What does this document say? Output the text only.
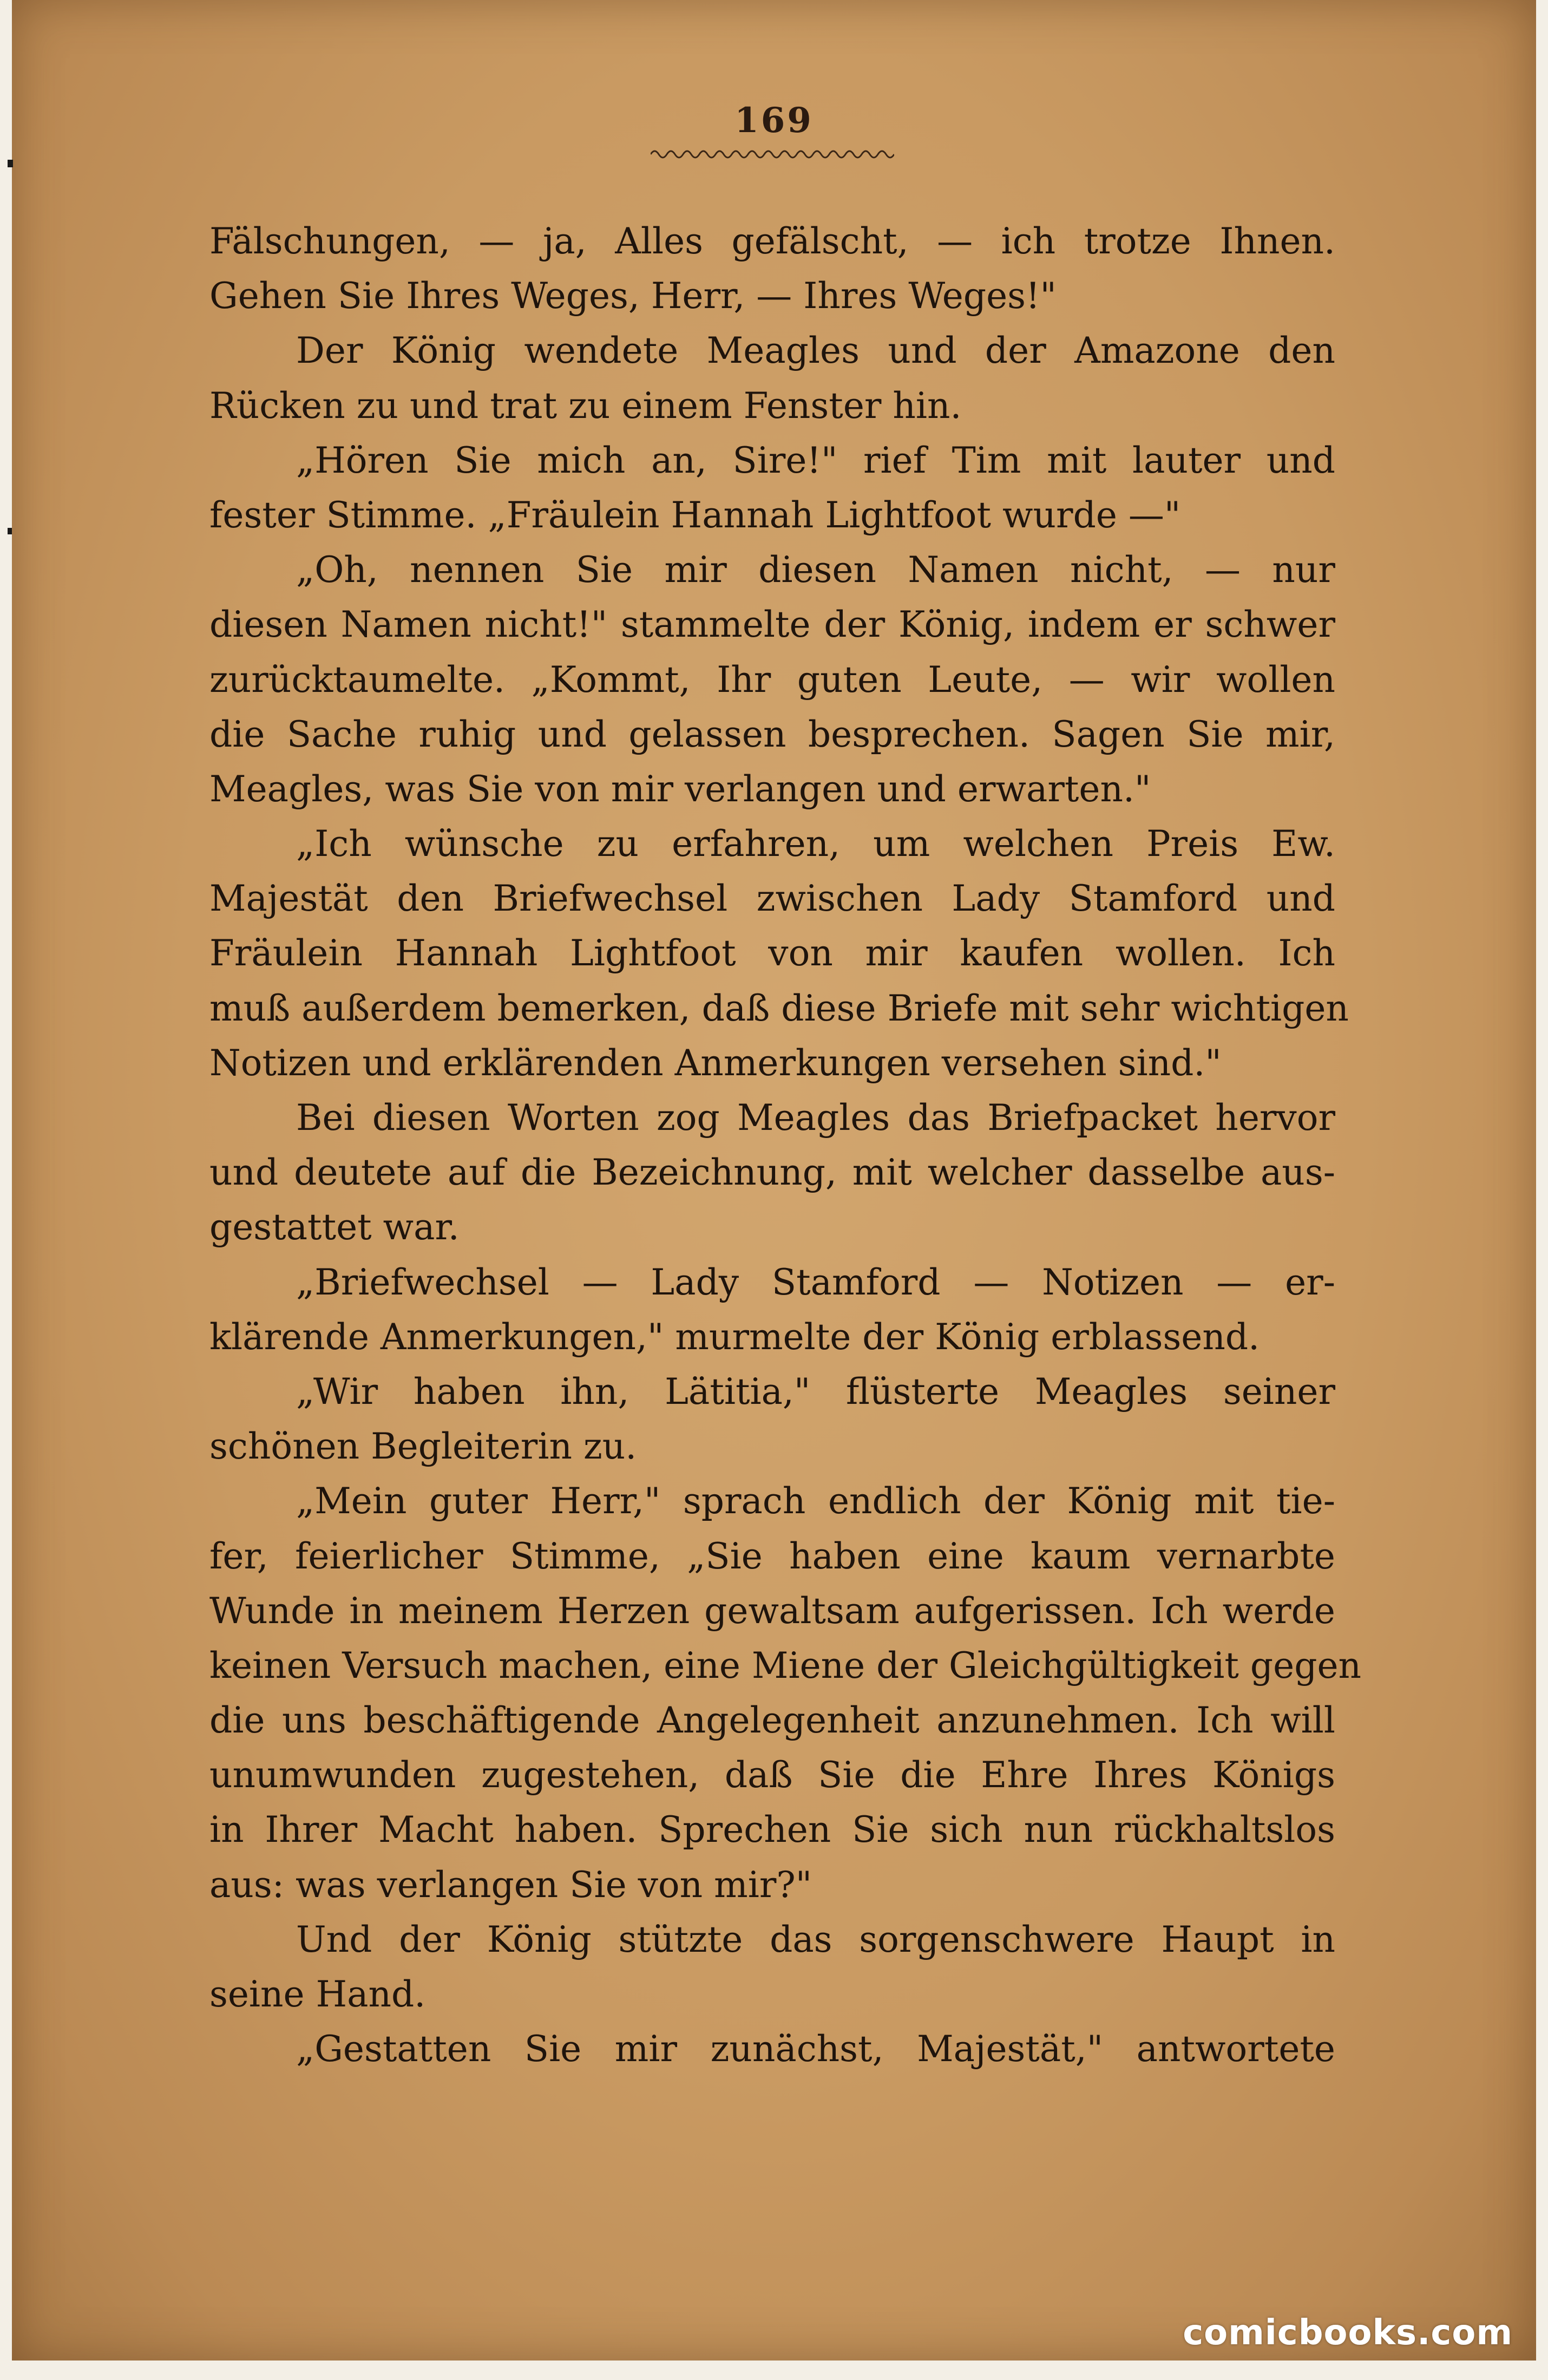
169
Fälschungen, — ja, Alles gefälscht, — ich trotze Ihnen.
Gehen Sie Ihres Weges, Herr, — Ihres Weges!"
Der König wendete Meagles und der Amazone den
Rücken zu und trat zu einem Fenster hin.
„Hören Sie mich an, Sire!" rief Tim mit lauter und
fester Stimme. „Fräulein Hannah Lightfoot wurde —"
„Oh, nennen Sie mir diesen Namen nicht, — nur
diesen Namen nicht!" stammelte der König, indem er schwer
zurücktaumelte. „Kommt, Ihr guten Leute, — wir wollen
die Sache ruhig und gelassen besprechen. Sagen Sie mir,
Meagles, was Sie von mir verlangen und erwarten."
„Ich wünsche zu erfahren, um welchen Preis Ew.
Majestät den Briefwechsel zwischen Lady Stamford und
Fräulein Hannah Lightfoot von mir kaufen wollen. Ich
muß außerdem bemerken, daß diese Briefe mit sehr wichtigen
Notizen und erklärenden Anmerkungen versehen sind."
Bei diesen Worten zog Meagles das Briefpacket hervor
und deutete auf die Bezeichnung, mit welcher dasselbe aus-
gestattet war.
„Briefwechsel — Lady Stamford — Notizen — er-
klärende Anmerkungen," murmelte der König erblassend.
„Wir haben ihn, Lätitia," flüsterte Meagles seiner
schönen Begleiterin zu.
„Mein guter Herr," sprach endlich der König mit tie-
fer, feierlicher Stimme, „Sie haben eine kaum vernarbte
Wunde in meinem Herzen gewaltsam aufgerissen. Ich werde
keinen Versuch machen, eine Miene der Gleichgültigkeit gegen
die uns beschäftigende Angelegenheit anzunehmen. Ich will
unumwunden zugestehen, daß Sie die Ehre Ihres Königs
in Ihrer Macht haben. Sprechen Sie sich nun rückhaltslos
aus: was verlangen Sie von mir?"
Und der König stützte das sorgenschwere Haupt in
seine Hand.
„Gestatten Sie mir zunächst, Majestät," antwortete
comicbooks.com
